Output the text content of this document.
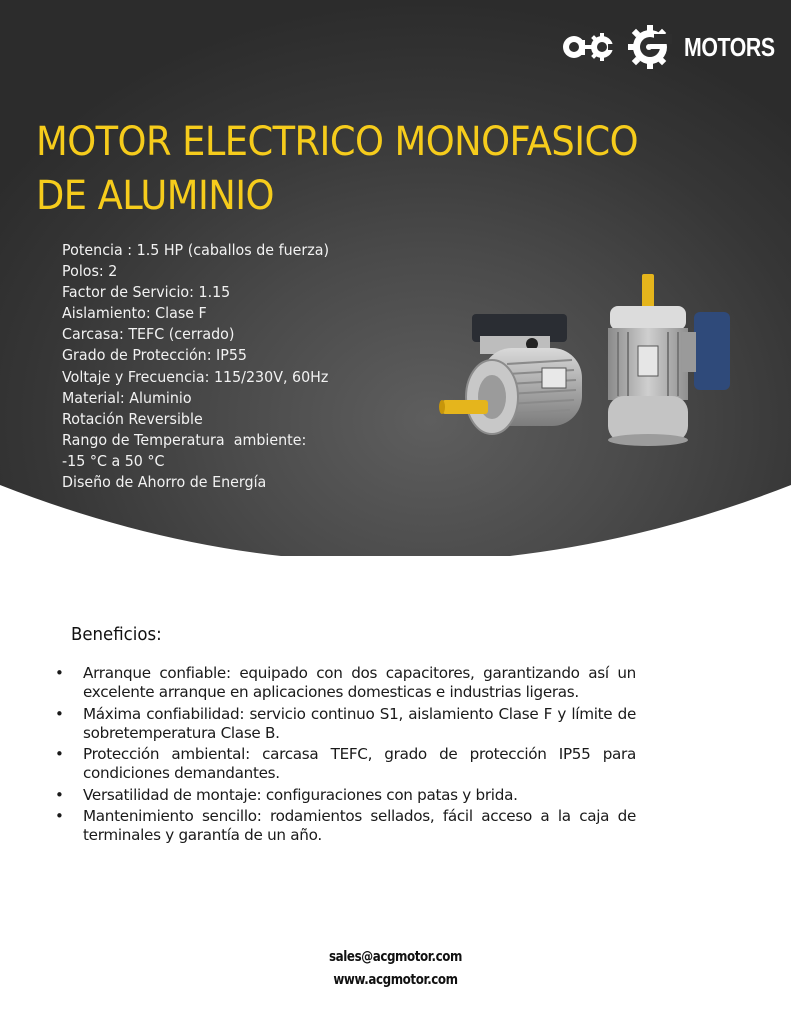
MOTORS
MOTOR ELECTRICO MONOFASICO
DE ALUMINIO
Potencia : 1.5 HP (caballos de fuerza)
Polos: 2
Factor de Servicio: 1.15
Aislamiento: Clase F
Carcasa: TEFC (cerrado)
Grado de Protección: IP55
Voltaje y Frecuencia: 115/230V, 60Hz
Material: Aluminio
Rotación Reversible
Rango de Temperatura  ambiente:
-15 °C a 50 °C
Diseño de Ahorro de Energía
Beneficios:
• Arranque confiable: equipado con dos capacitores, garantizando así un excelente arranque en aplicaciones domesticas e industrias ligeras.
• Máxima confiabilidad: servicio continuo S1, aislamiento Clase F y límite de sobretemperatura Clase B.
• Protección ambiental: carcasa TEFC, grado de protección IP55 para condiciones demandantes.
• Versatilidad de montaje: configuraciones con patas y brida.
• Mantenimiento sencillo: rodamientos sellados, fácil acceso a la caja de terminales y garantía de un año.
sales@acgmotor.com
www.acgmotor.com
